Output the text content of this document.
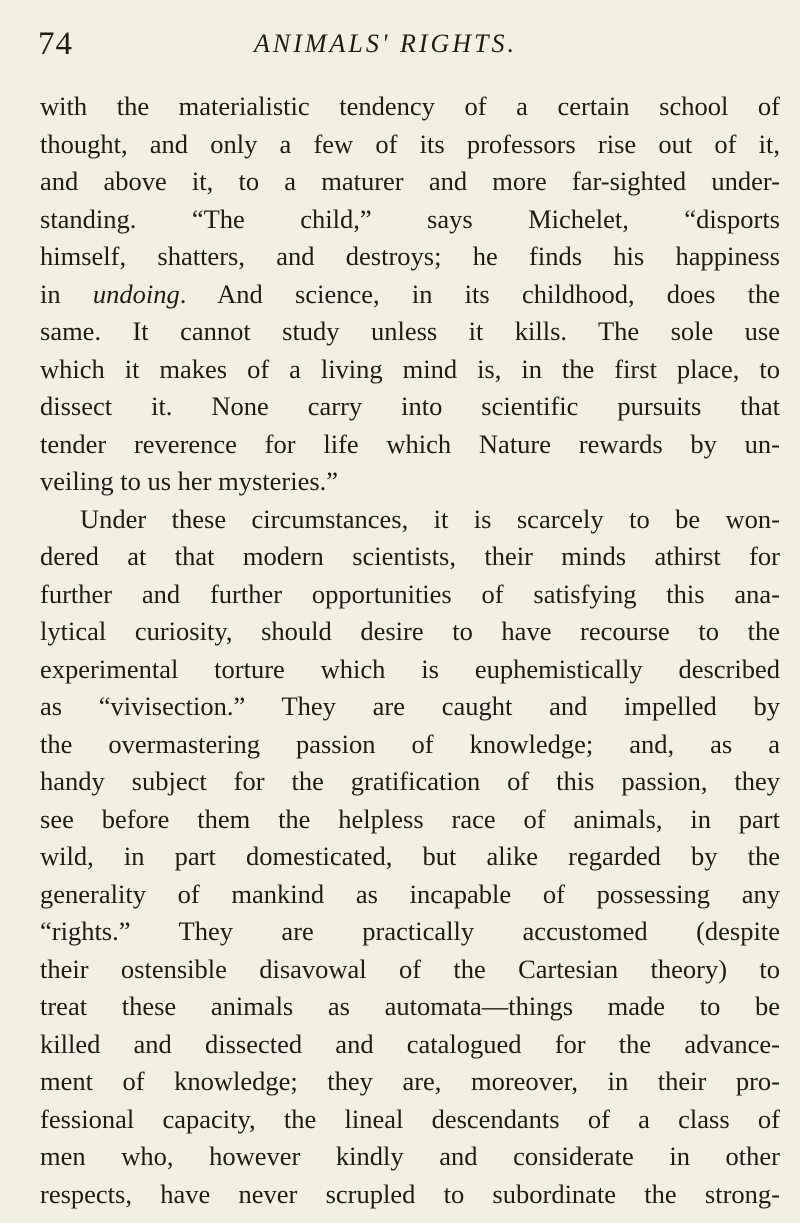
74	ANIMALS' RIGHTS.
with the materialistic tendency of a certain school of
thought, and only a few of its professors rise out of it,
and above it, to a maturer and more far-sighted under-
standing. “The child,” says Michelet, “disports
himself, shatters, and destroys; he finds his happiness
in undoing. And science, in its childhood, does the
same. It cannot study unless it kills. The sole use
which it makes of a living mind is, in the first place, to
dissect it. None carry into scientific pursuits that
tender reverence for life which Nature rewards by un-
veiling to us her mysteries.”
Under these circumstances, it is scarcely to be won-
dered at that modern scientists, their minds athirst for
further and further opportunities of satisfying this ana-
lytical curiosity, should desire to have recourse to the
experimental torture which is euphemistically described
as “vivisection.” They are caught and impelled by
the overmastering passion of knowledge; and, as a
handy subject for the gratification of this passion, they
see before them the helpless race of animals, in part
wild, in part domesticated, but alike regarded by the
generality of mankind as incapable of possessing any
“rights.” They are practically accustomed (despite
their ostensible disavowal of the Cartesian theory) to
treat these animals as automata—things made to be
killed and dissected and catalogued for the advance-
ment of knowledge; they are, moreover, in their pro-
fessional capacity, the lineal descendants of a class of
men who, however kindly and considerate in other
respects, have never scrupled to subordinate the strong-
